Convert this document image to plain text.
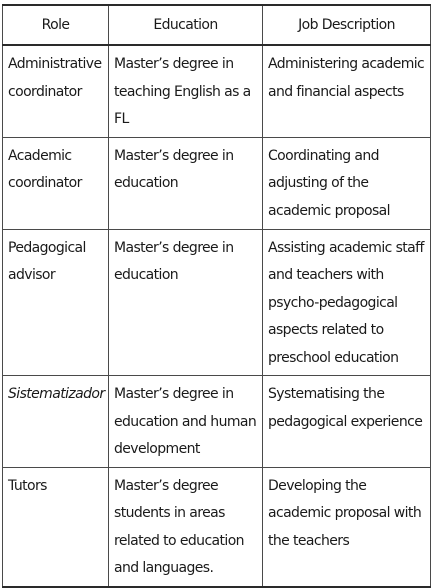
Role	Education	Job Description
Administrative coordinator	Master’s degree in teaching English as a FL	Administering academic and financial aspects
Academic coordinator	Master’s degree in education	Coordinating and adjusting of the academic proposal
Pedagogical advisor	Master’s degree in education	Assisting academic staff and teachers with psycho-pedagogical aspects related to preschool education
Sistematizador	Master’s degree in education and human development	Systematising the pedagogical experience
Tutors	Master’s degree students in areas related to education and languages.	Developing the academic proposal with the teachers
